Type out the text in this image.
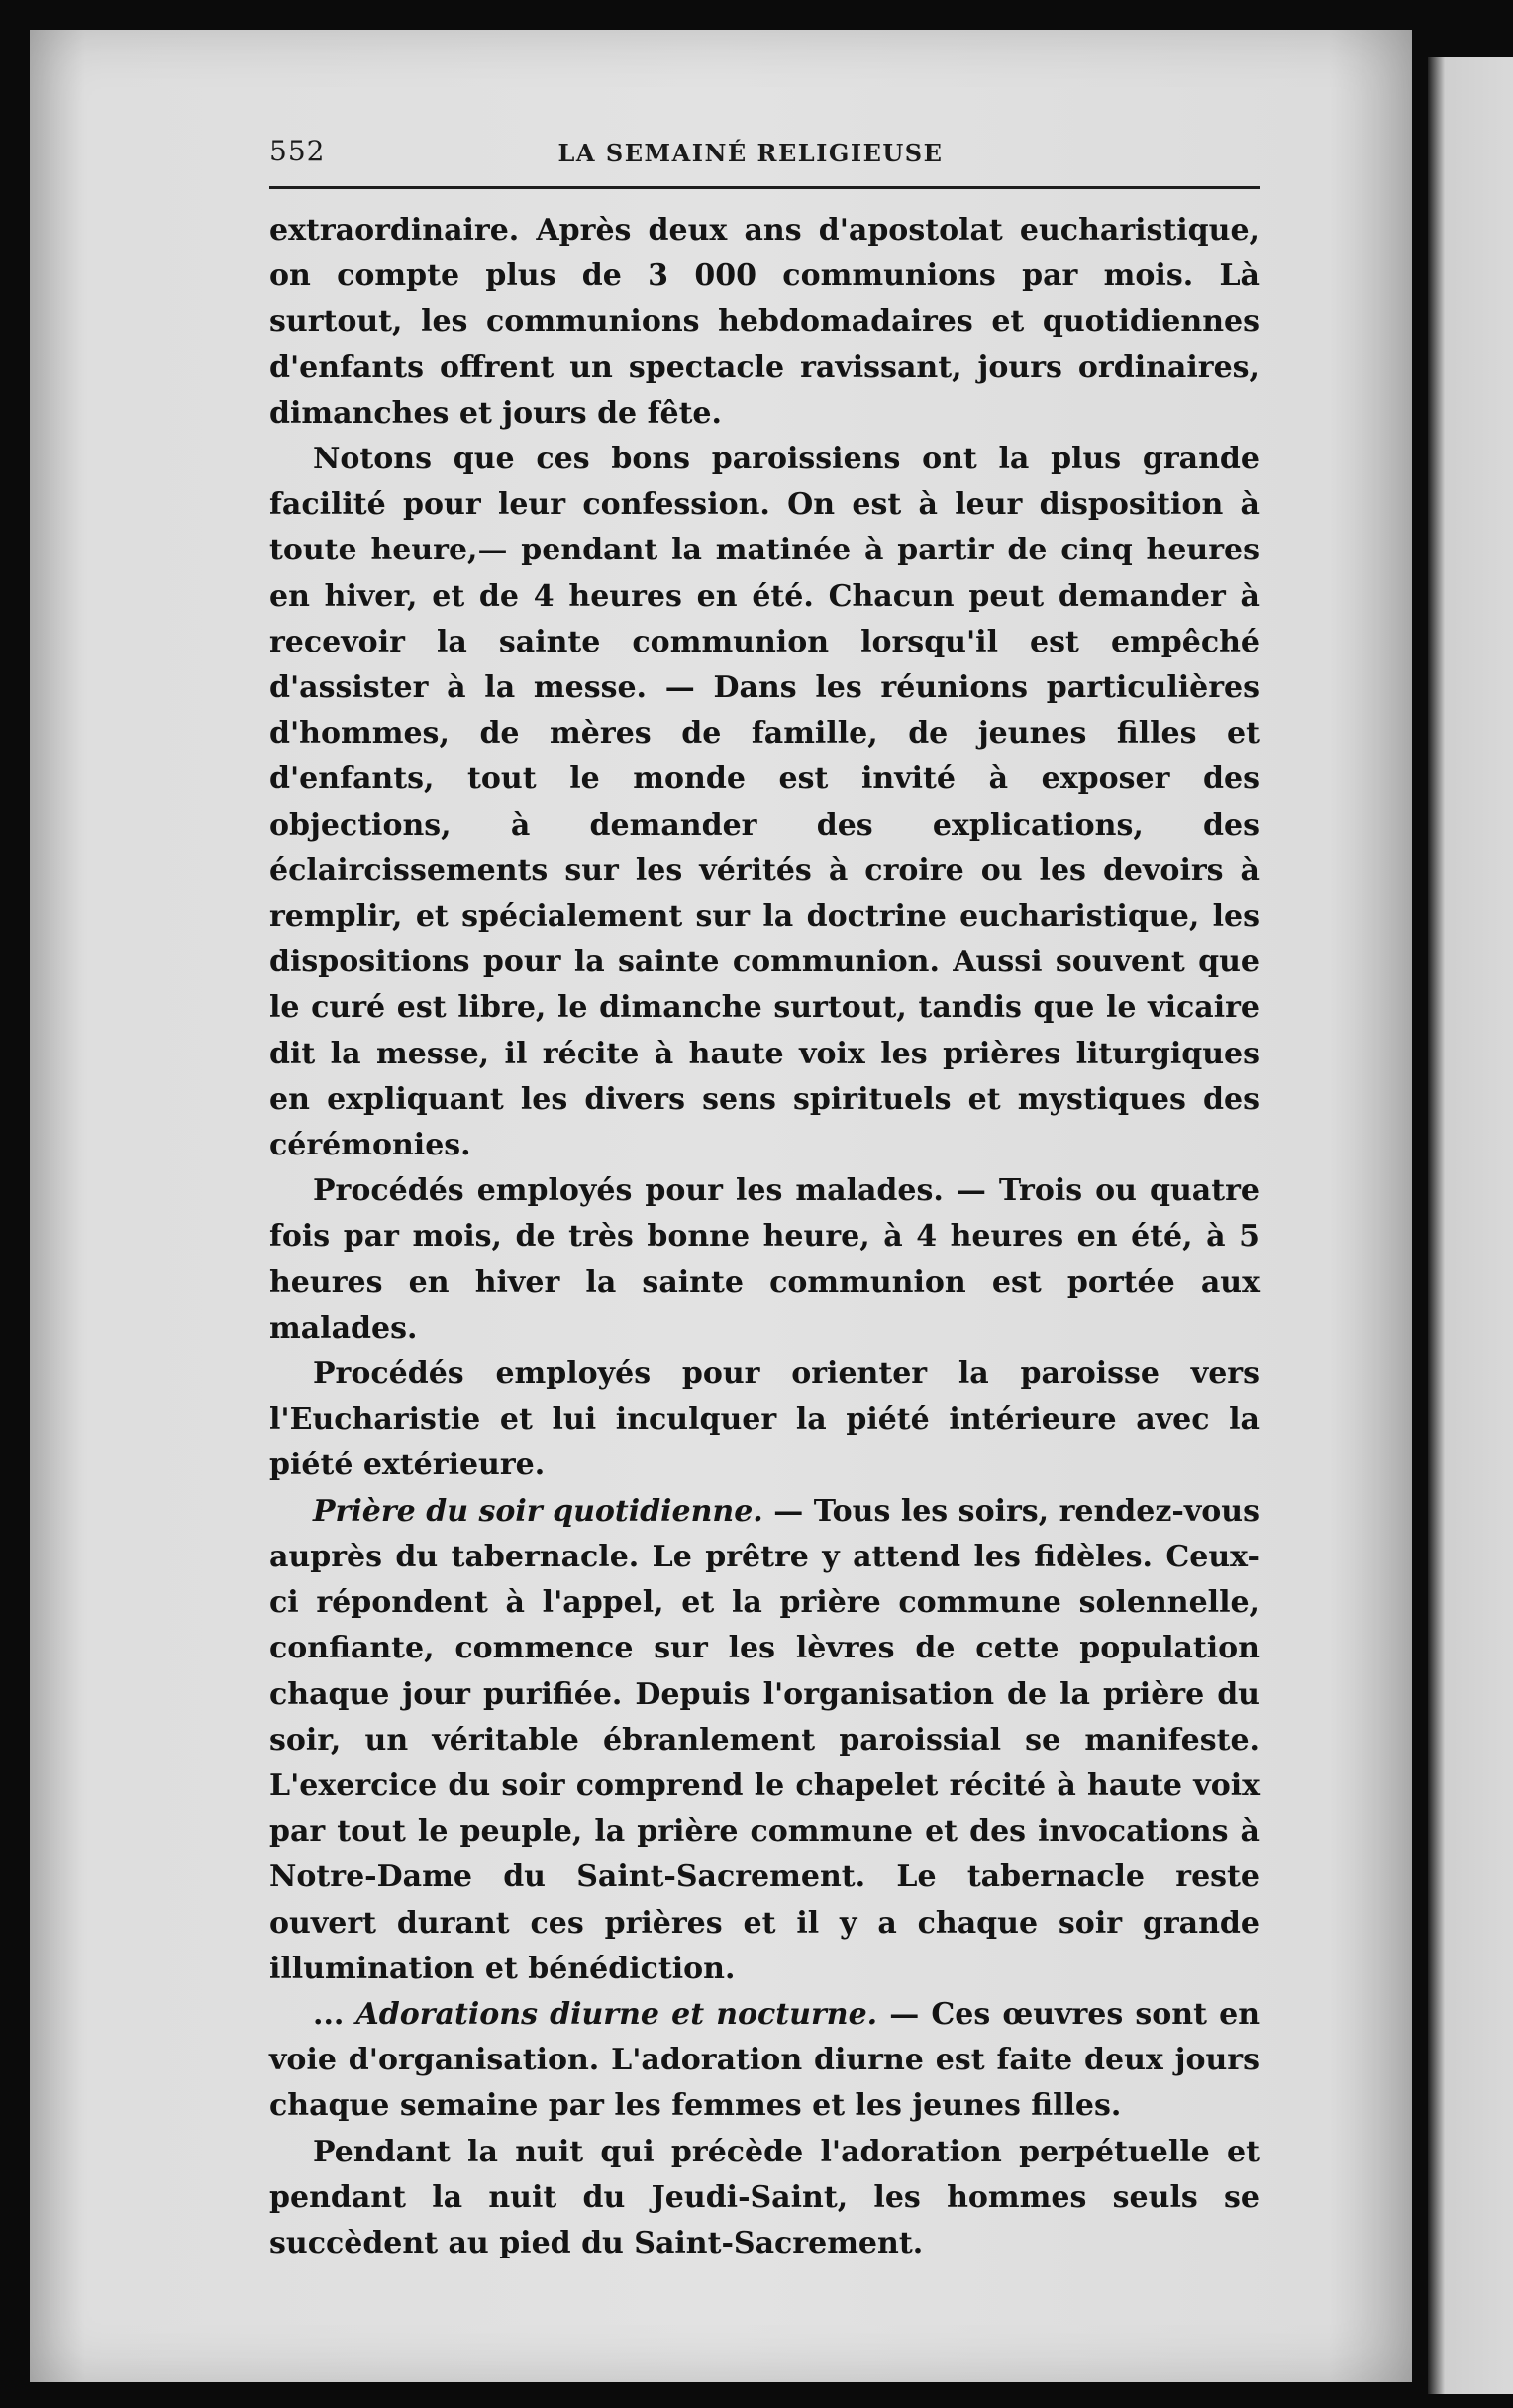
552	LA SEMAINÉ RELIGIEUSE

extraordinaire. Après deux ans d'apostolat eucharistique, on compte plus de 3 000 communions par mois. Là surtout, les communions hebdomadaires et quotidiennes d'enfants offrent un spectacle ravissant, jours ordinaires, dimanches et jours de fête.

Notons que ces bons paroissiens ont la plus grande facilité pour leur confession. On est à leur disposition à toute heure,— pendant la matinée à partir de cinq heures en hiver, et de 4 heures en été. Chacun peut demander à recevoir la sainte communion lorsqu'il est empêché d'assister à la messe. — Dans les réunions particulières d'hommes, de mères de famille, de jeunes filles et d'enfants, tout le monde est invité à exposer des objections, à demander des explications, des éclaircissements sur les vérités à croire ou les devoirs à remplir, et spécialement sur la doctrine eucharistique, les dispositions pour la sainte communion. Aussi souvent que le curé est libre, le dimanche surtout, tandis que le vicaire dit la messe, il récite à haute voix les prières liturgiques en expliquant les divers sens spirituels et mystiques des cérémonies.

Procédés employés pour les malades. — Trois ou quatre fois par mois, de très bonne heure, à 4 heures en été, à 5 heures en hiver la sainte communion est portée aux malades.

Procédés employés pour orienter la paroisse vers l'Eucharistie et lui inculquer la piété intérieure avec la piété extérieure.

Prière du soir quotidienne. — Tous les soirs, rendez-vous auprès du tabernacle. Le prêtre y attend les fidèles. Ceux-ci répondent à l'appel, et la prière commune solennelle, confiante, commence sur les lèvres de cette population chaque jour purifiée. Depuis l'organisation de la prière du soir, un véritable ébranlement paroissial se manifeste. L'exercice du soir comprend le chapelet récité à haute voix par tout le peuple, la prière commune et des invocations à Notre-Dame du Saint-Sacrement. Le tabernacle reste ouvert durant ces prières et il y a chaque soir grande illumination et bénédiction.

... Adorations diurne et nocturne. — Ces œuvres sont en voie d'organisation. L'adoration diurne est faite deux jours chaque semaine par les femmes et les jeunes filles.

Pendant la nuit qui précède l'adoration perpétuelle et pendant la nuit du Jeudi-Saint, les hommes seuls se succèdent au pied du Saint-Sacrement.
